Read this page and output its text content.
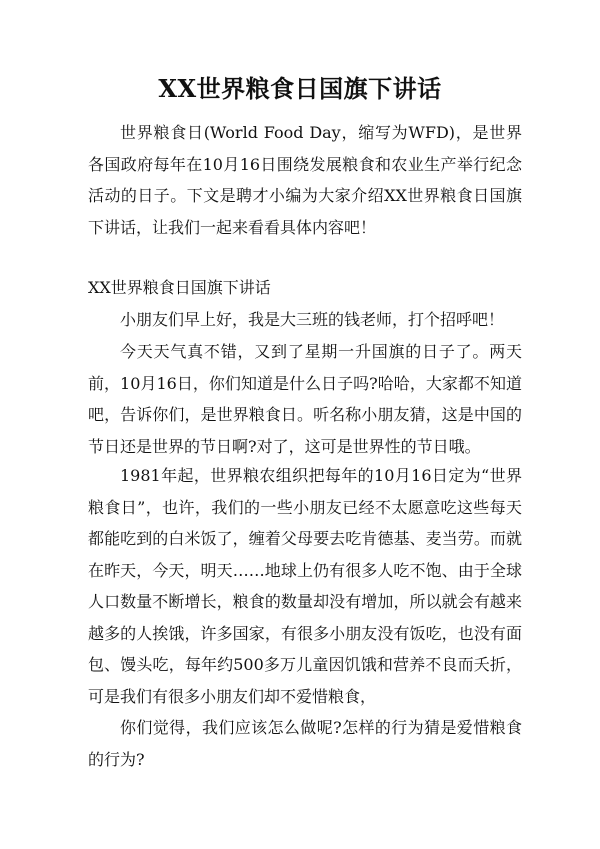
XX世界粮食日国旗下讲话

世界粮食日(World Food Day，缩写为WFD)，是世界各国政府每年在10月16日围绕发展粮食和农业生产举行纪念活动的日子。下文是聘才小编为大家介绍XX世界粮食日国旗下讲话，让我们一起来看看具体内容吧！

XX世界粮食日国旗下讲话

小朋友们早上好，我是大三班的钱老师，打个招呼吧！

今天天气真不错，又到了星期一升国旗的日子了。两天前，10月16日，你们知道是什么日子吗?哈哈，大家都不知道吧，告诉你们，是世界粮食日。听名称小朋友猜，这是中国的节日还是世界的节日啊?对了，这可是世界性的节日哦。

1981年起，世界粮农组织把每年的10月16日定为“世界粮食日”，也许，我们的一些小朋友已经不太愿意吃这些每天都能吃到的白米饭了，缠着父母要去吃肯德基、麦当劳。而就在昨天，今天，明天……地球上仍有很多人吃不饱、由于全球人口数量不断增长，粮食的数量却没有增加，所以就会有越来越多的人挨饿，许多国家，有很多小朋友没有饭吃，也没有面包、馒头吃，每年约500多万儿童因饥饿和营养不良而夭折，可是我们有很多小朋友们却不爱惜粮食，

你们觉得，我们应该怎么做呢?怎样的行为猜是爱惜粮食的行为?
